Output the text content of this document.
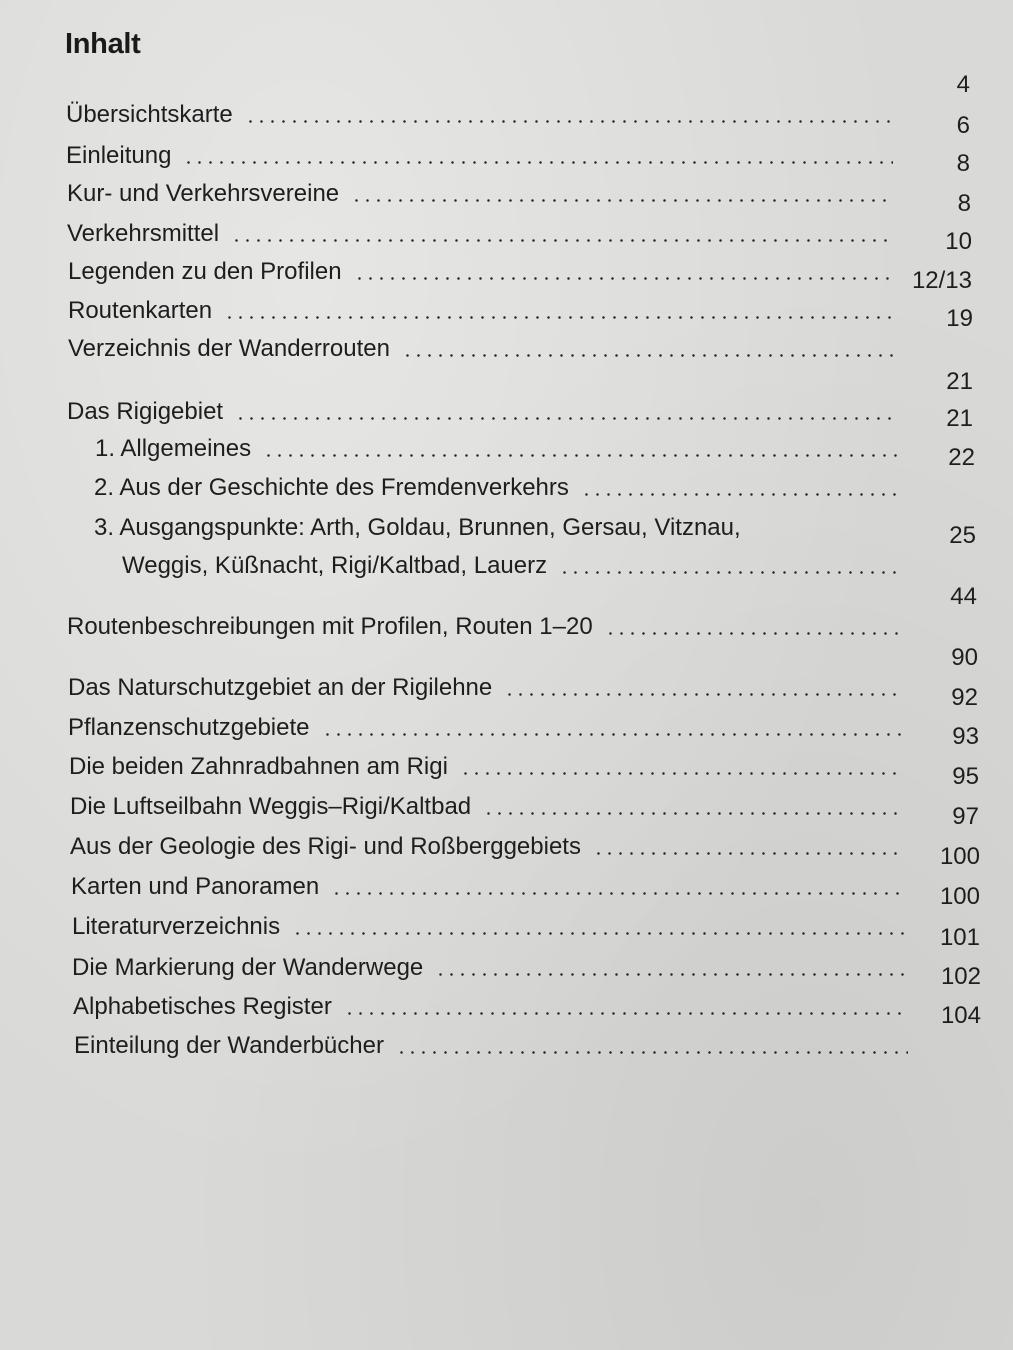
Inhalt
Übersichtskarte
4
Einleitung
6
Kur- und Verkehrsvereine
8
Verkehrsmittel
8
Legenden zu den Profilen
10
Routenkarten
12/13
Verzeichnis der Wanderrouten
19
Das Rigigebiet
21
1. Allgemeines
21
2. Aus der Geschichte des Fremdenverkehrs
22
3. Ausgangspunkte: Arth, Goldau, Brunnen, Gersau, Vitznau,
Weggis, Küßnacht, Rigi/Kaltbad, Lauerz
25
Routenbeschreibungen mit Profilen, Routen 1–20
44
Das Naturschutzgebiet an der Rigilehne
90
Pflanzenschutzgebiete
92
Die beiden Zahnradbahnen am Rigi
93
Die Luftseilbahn Weggis–Rigi/Kaltbad
95
Aus der Geologie des Rigi- und Roßberggebiets
97
Karten und Panoramen
100
Literaturverzeichnis
100
Die Markierung der Wanderwege
101
Alphabetisches Register
102
Einteilung der Wanderbücher
104
